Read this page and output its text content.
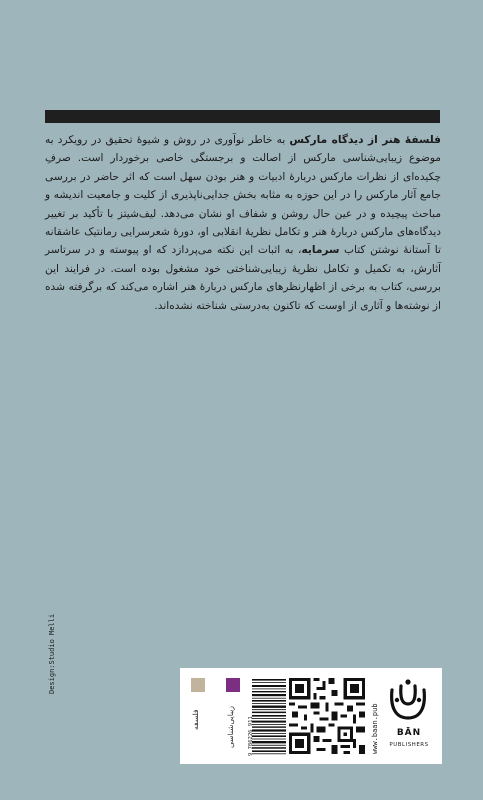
فلسفهٔ هنر از دیدگاه مارکس به خاطر نوآوری در روش و شیوهٔ تحقیق در رویکرد به موضوع زیبایی‌شناسی مارکس از اصالت و برجستگی خاصی برخوردار است. صرفِ چکیده‌ای از نظرات مارکس دربارهٔ ادبیات و هنر بودن سهل است که اثر حاضر در بررسی جامع آثار مارکس را در این حوزه به مثابه بخش جدایی‌ناپذیری از کلیت و جامعیت اندیشه و مباحث پیچیده و در عین حال روشن و شفاف او نشان می‌دهد. لیف‌شیتز با تأکید بر تغییر دیدگاه‌های مارکس دربارهٔ هنر و تکامل نظریهٔ انقلابی او، دورهٔ شعرسرایی رمانتیک عاشقانه تا آستانهٔ نوشتن کتاب سرمایه، به اثبات این نکته می‌پردازد که او پیوسته و در سرتاسر آثارش، به تکمیل و تکامل نظریهٔ زیبایی‌شناختی خود مشغول بوده است. در فرایند این بررسی، کتاب به برخی از اظهارنظرهای مارکس دربارهٔ هنر اشاره می‌کند که برگرفته شده از نوشته‌ها و آثاری از اوست که تاکنون به‌درستی شناخته نشده‌اند.
Design:Studio Melli
فلسفه	زیبایی‌شناسی 9 786226 911	www.baan.pub	BĀN
PUBLISHERS
